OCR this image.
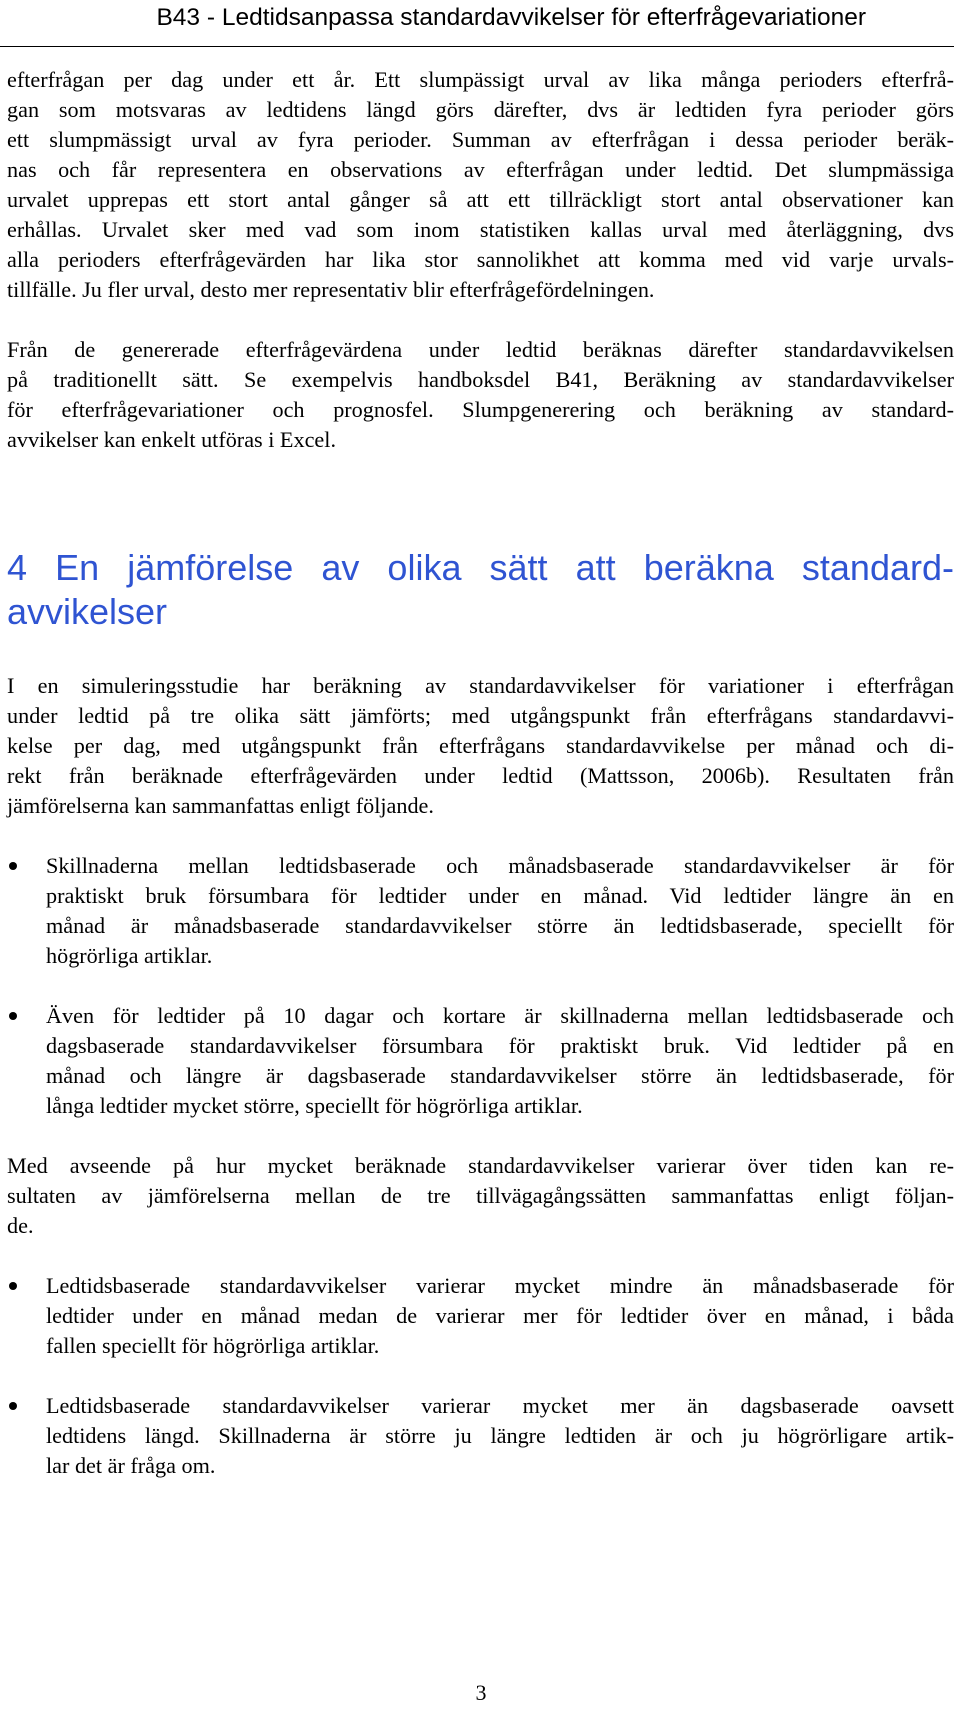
B43 - Ledtidsanpassa standardavvikelser för efterfrågevariationer
efterfrågan per dag under ett år. Ett slumpässigt urval av lika många perioders efterfrå-
gan som motsvaras av ledtidens längd görs därefter, dvs är ledtiden fyra perioder görs
ett slumpmässigt urval av fyra perioder. Summan av efterfrågan i dessa perioder beräk-
nas och får representera en observations av efterfrågan under ledtid. Det slumpmässiga
urvalet upprepas ett stort antal gånger så att ett tillräckligt stort antal observationer kan
erhållas. Urvalet sker med vad som inom statistiken kallas urval med återläggning, dvs
alla perioders efterfrågevärden har lika stor sannolikhet att komma med vid varje urvals-
tillfälle. Ju fler urval, desto mer representativ blir efterfrågefördelningen.
Från de genererade efterfrågevärdena under ledtid beräknas därefter standardavvikelsen
på traditionellt sätt. Se exempelvis handboksdel B41, Beräkning av standardavvikelser
för efterfrågevariationer och prognosfel. Slumpgenerering och beräkning av standard-
avvikelser kan enkelt utföras i Excel.
4 En jämförelse av olika sätt att beräkna standard-
avvikelser
I en simuleringsstudie har beräkning av standardavvikelser för variationer i efterfrågan
under ledtid på tre olika sätt jämförts; med utgångspunkt från efterfrågans standardavvi-
kelse per dag, med utgångspunkt från efterfrågans standardavvikelse per månad och di-
rekt från beräknade efterfrågevärden under ledtid (Mattsson, 2006b). Resultaten från
jämförelserna kan sammanfattas enligt följande.
Skillnaderna mellan ledtidsbaserade och månadsbaserade standardavvikelser är för
praktiskt bruk försumbara för ledtider under en månad. Vid ledtider längre än en
månad är månadsbaserade standardavvikelser större än ledtidsbaserade, speciellt för
högrörliga artiklar.
Även för ledtider på 10 dagar och kortare är skillnaderna mellan ledtidsbaserade och
dagsbaserade standardavvikelser försumbara för praktiskt bruk. Vid ledtider på en
månad och längre är dagsbaserade standardavvikelser större än ledtidsbaserade, för
långa ledtider mycket större, speciellt för högrörliga artiklar.
Med avseende på hur mycket beräknade standardavvikelser varierar över tiden kan re-
sultaten av jämförelserna mellan de tre tillvägagångssätten sammanfattas enligt följan-
de.
Ledtidsbaserade standardavvikelser varierar mycket mindre än månadsbaserade för
ledtider under en månad medan de varierar mer för ledtider över en månad, i båda
fallen speciellt för högrörliga artiklar.
Ledtidsbaserade standardavvikelser varierar mycket mer än dagsbaserade oavsett
ledtidens längd. Skillnaderna är större ju längre ledtiden är och ju högrörligare artik-
lar det är fråga om.
3
